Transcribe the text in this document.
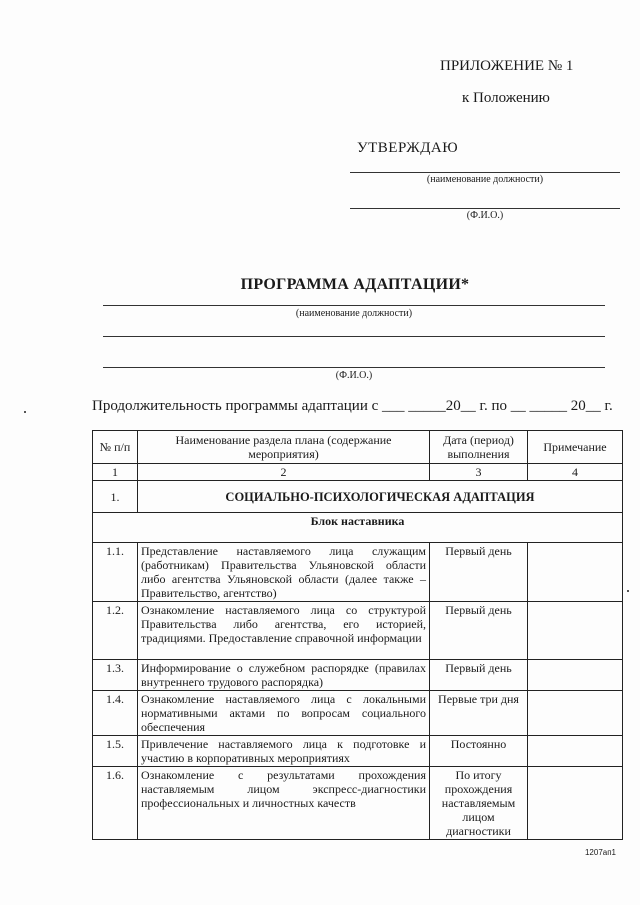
ПРИЛОЖЕНИЕ № 1
к Положению
УТВЕРЖДАЮ
(наименование должности)
(Ф.И.О.)
ПРОГРАММА АДАПТАЦИИ*
(наименование должности)
(Ф.И.О.)
Продолжительность программы адаптации с ___ _____20__ г. по __ _____ 20__ г.
№ п/п	Наименование раздела плана (содержание мероприятия)	Дата (период) выполнения	Примечание
1	2	3	4
1.	СОЦИАЛЬНО-ПСИХОЛОГИЧЕСКАЯ АДАПТАЦИЯ		
Блок наставника			
1.1.	Представление наставляемого лица служащим (работникам) Правительства Ульяновской области либо агентства Ульяновской области (далее также – Правительство, агентство)	Первый день	
1.2.	Ознакомление наставляемого лица со структурой Правительства либо агентства, его историей, традициями. Предоставление справочной информации	Первый день	
1.3.	Информирование о служебном распорядке (правилах внутреннего трудового распорядка)	Первый день	
1.4.	Ознакомление наставляемого лица с локальными нормативными актами по вопросам социального обеспечения	Первые три дня	
1.5.	Привлечение наставляемого лица к подготовке и участию в корпоративных мероприятиях	Постоянно	
1.6.	Ознакомление с результатами прохождения наставляемым лицом экспресс-диагностики профессиональных и личностных качеств	По итогу прохождения наставляемым лицом диагностики	
1207ап1
